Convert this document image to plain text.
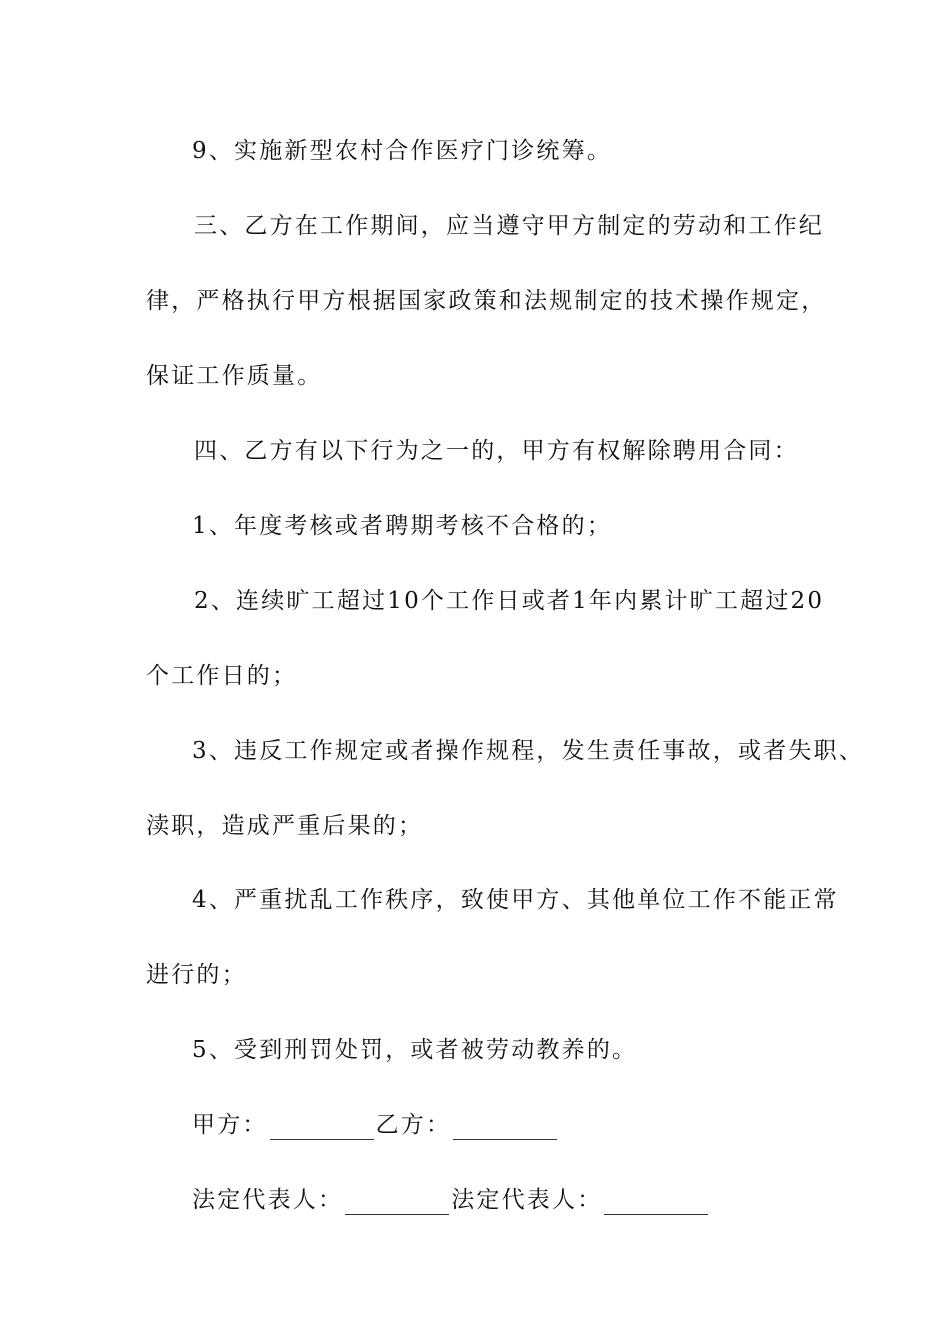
9、实施新型农村合作医疗门诊统筹。
三、乙方在工作期间，应当遵守甲方制定的劳动和工作纪
律，严格执行甲方根据国家政策和法规制定的技术操作规定，
保证工作质量。
四、乙方有以下行为之一的，甲方有权解除聘用合同：
1、年度考核或者聘期考核不合格的；
2、连续旷工超过10个工作日或者1年内累计旷工超过20
个工作日的；
3、违反工作规定或者操作规程，发生责任事故，或者失职、
渎职，造成严重后果的；
4、严重扰乱工作秩序，致使甲方、其他单位工作不能正常
进行的；
5、受到刑罚处罚，或者被劳动教养的。
甲方：	乙方：
法定代表人：	法定代表人：
